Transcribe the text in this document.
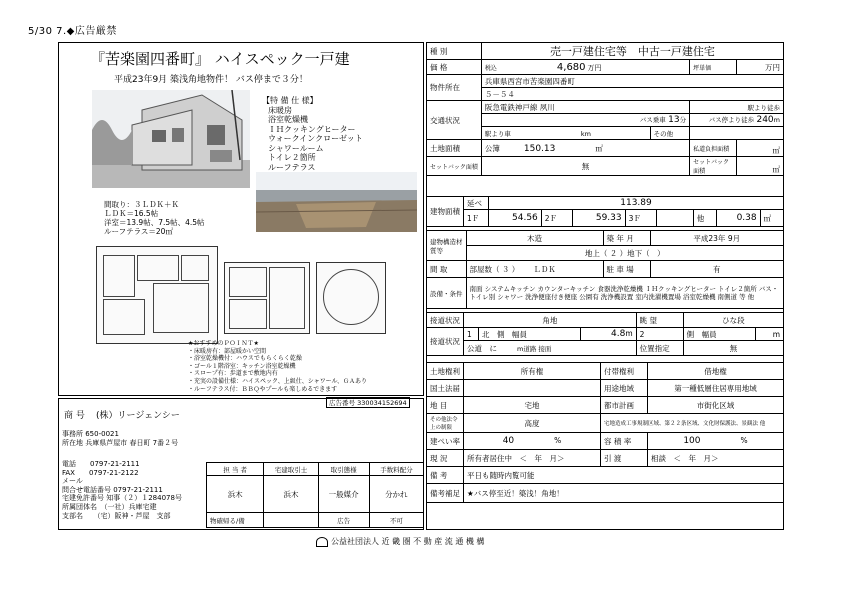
5/30 7.◆広告厳禁
『苦楽園四番町』 ハイスペック一戸建
平成23年9月 築浅角地物件！ バス停まで３分！
【特 備 仕 様】
床暖房
浴室乾燥機
ＩＨクッキングヒーター
ウォークインクローゼット
シャワールーム
トイレ２箇所
ルーフテラス
間取り：３ＬＤＫ＋Ｋ
ＬＤＫ＝16.5帖
洋室＝13.9帖、7.5帖、4.5帖
ルーフテラス＝20㎡
★おすすめのＰＯＩＮＴ★
・床暖房有：部屋暖かい空間
・浴室乾燥機付：ハウスでもらくらく乾燥
・ゴール１階浴室：キッチン浴室乾燥機
・スロープ有：歩道まで敷地内有
・充実の設備仕様：ハイスペック、上級仕、シャワール、ＧＡあり
・ルーフテラス付：ＢＢＱやプールも楽しめるできます
広告番号 330034152694
商 号 (株）リージェンシー
事務所 650-0021
所在地 兵庫県芦屋市 春日町 7番２号
電話　　0797-21-2111
FAX　　0797-21-2122
メール
問合せ電話番号 0797-21-2111
宅建免許番号 知事（２）１284078号
所属団体名　（一社）兵庫宅建
支部名　　（宅）阪神・芦屋　支部
担 当 者	宅建取引士	取引態様	手数料配分
浜木	浜木	一般媒介	分かれ
物確帰る/備		広告	不可
種 別	売一戸建住宅等　中古一戸建住宅			
価 格	税込 4,680 万円		坪単価	万円
物件所在	兵庫県西宮市苦楽園四番町			
	５－５４			
交通状況	阪急電鉄神戸線 夙川		駅より徒歩	
	バス乗車 13分		バス停より徒歩 240m	
	駅より車 km	その他		
土地面積	公簿 150.13 ㎡		私道負担面積	㎡
セットバック面積	無		セットバック面積	㎡
建物面積	延べ	113.89							
	1Ｆ	54.56	2Ｆ	59.33	3Ｆ		他	0.38	㎡
建物構造材質等	木造	築 年 月	平成23年 9月
	地上（ ２ ）地下（　）		
間 取	部屋数（ ３ ） ＬＤＫ	駐 車 場	有
設備・条件	南面 システムキッチン カウンターキッチン 食器洗浄乾燥機 ＩＨクッキングヒーター トイレ２箇所 バス・トイレ別 シャワー 洗浄便座付き便座 公園有 洗浄機設置 室内洗濯機置場 浴室乾燥機 南側道 等 他		
接道状況	角地			眺 望	ひな段	
接道状況	1	北　側　幅員	4.8m	2	側　幅員	m
	公道　に m道路 接面			位置指定	無	
土地権利	所有権	付帯権利	借地権
国土法届		用途地域	第一種低層住居専用地域
地 目	宅地	都市計画	市街化区域
その他法令上の制限	高度	宅地造成工事規制区域、第２２条区域、文化財保護法、景観法 他	
建ぺい率	40 %	容 積 率	100 %
現 況	所有者居住中　＜　年　月＞	引 渡	相談　＜　年　月＞
備 考	平日も随時内覧可能		
備考補足	★バス停至近！築浅！角地！		
公益社団法人 近 畿 圏 不 動 産 流 通 機 構
